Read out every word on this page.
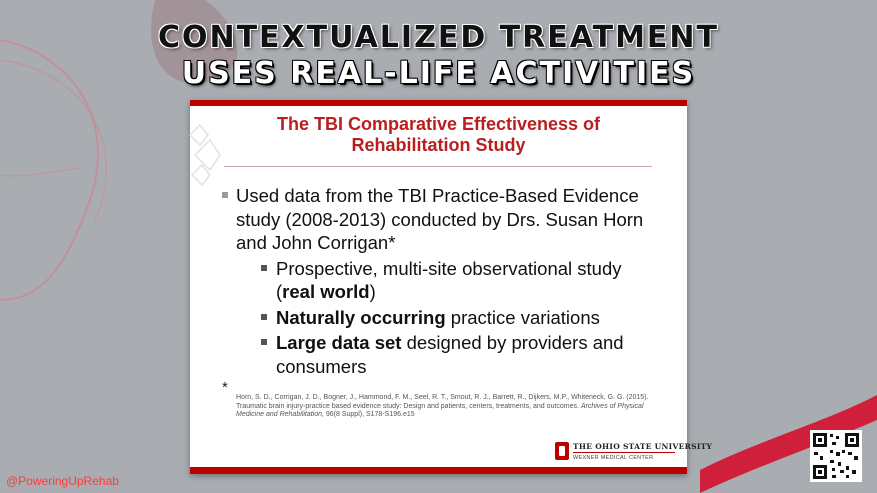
CONTEXTUALIZED TREATMENT
USES REAL-LIFE ACTIVITIES
The TBI Comparative Effectiveness of
Rehabilitation Study
Used data from the TBI Practice-Based Evidence study (2008-2013) conducted by Drs. Susan Horn and John Corrigan*
Prospective, multi-site observational study (real world)
Naturally occurring practice variations
Large data set designed by providers and consumers
*
Horn, S. D., Corrigan, J. D., Bogner, J., Hammond, F. M., Seel, R. T., Smout, R. J., Barrett, R., Dijkers, M.P., Whiteneck, G. G. (2015). Traumatic brain injury-practice based evidence study: Design and patients, centers, treatments, and outcomes. Archives of Physical Medicine and Rehabilitation, 96(8 Suppl), S178-S196.e15
THE OHIO STATE UNIVERSITY
WEXNER MEDICAL CENTER
@PoweringUpRehab
